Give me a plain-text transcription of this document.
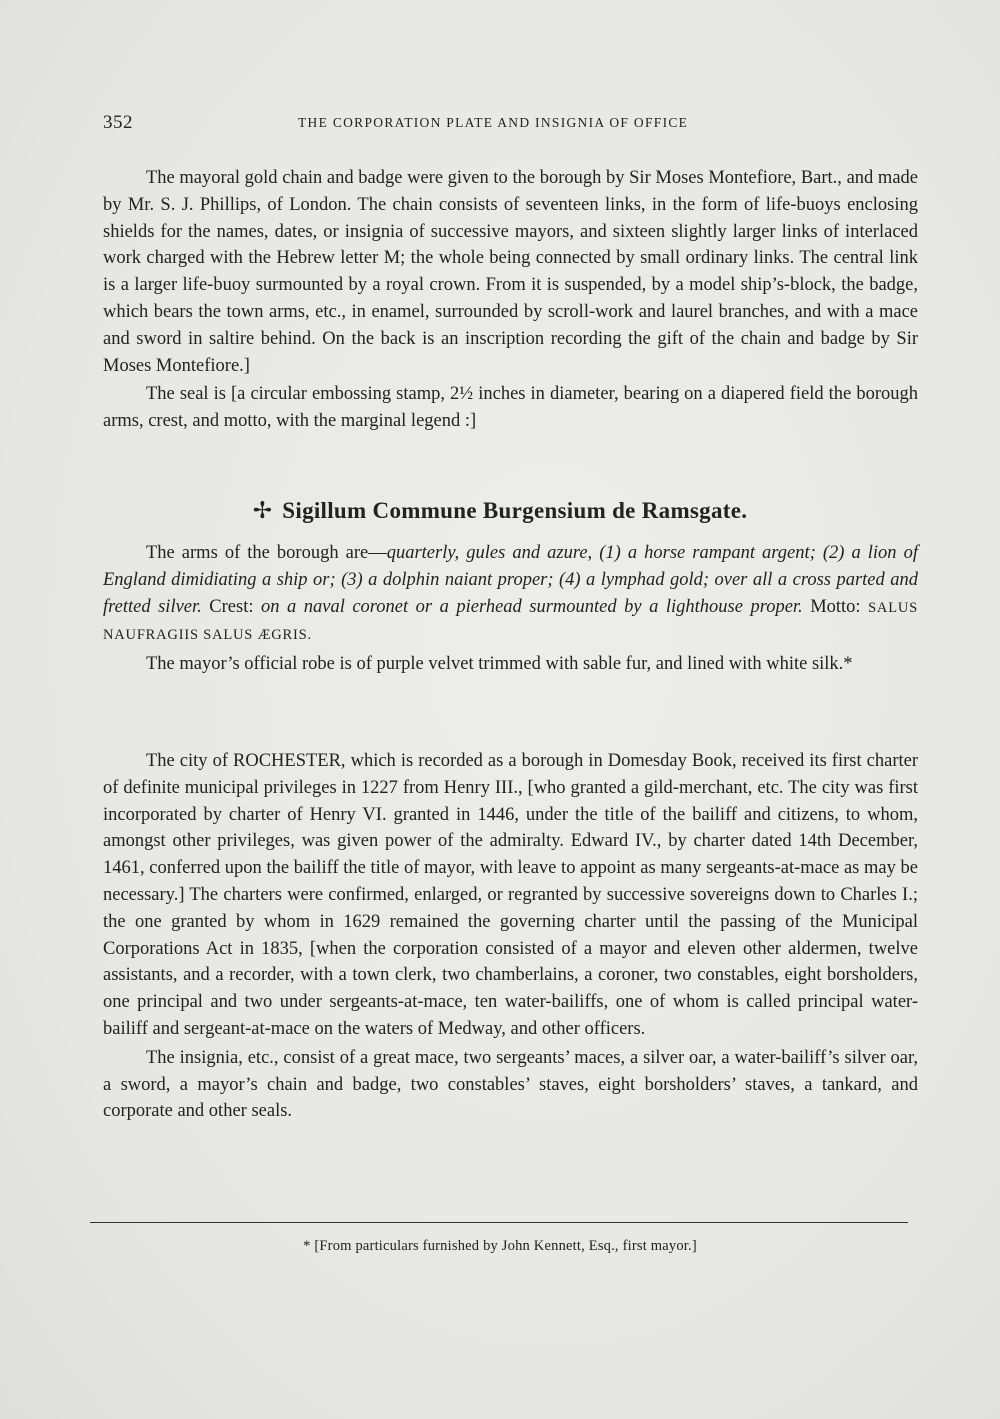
352	THE CORPORATION PLATE AND INSIGNIA OF OFFICE

The mayoral gold chain and badge were given to the borough by Sir Moses Montefiore, Bart., and made by Mr. S. J. Phillips, of London. The chain consists of seventeen links, in the form of life-buoys enclosing shields for the names, dates, or insignia of successive mayors, and sixteen slightly larger links of interlaced work charged with the Hebrew letter M; the whole being connected by small ordinary links. The central link is a larger life-buoy surmounted by a royal crown. From it is suspended, by a model ship’s-block, the badge, which bears the town arms, etc., in enamel, surrounded by scroll-work and laurel branches, and with a mace and sword in saltire behind. On the back is an inscription recording the gift of the chain and badge by Sir Moses Montefiore.]

The seal is [a circular embossing stamp, 2½ inches in diameter, bearing on a diapered field the borough arms, crest, and motto, with the marginal legend :]

✢ Sigillum Commune Burgensium de Ramsgate.

The arms of the borough are—quarterly, gules and azure, (1) a horse rampant argent; (2) a lion of England dimidiating a ship or; (3) a dolphin naiant proper; (4) a lymphad gold; over all a cross parted and fretted silver. Crest: on a naval coronet or a pierhead surmounted by a lighthouse proper. Motto: SALUS NAUFRAGIIS SALUS ÆGRIS.

The mayor’s official robe is of purple velvet trimmed with sable fur, and lined with white silk.*

The city of ROCHESTER, which is recorded as a borough in Domesday Book, received its first charter of definite municipal privileges in 1227 from Henry III., [who granted a gild-merchant, etc. The city was first incorporated by charter of Henry VI. granted in 1446, under the title of the bailiff and citizens, to whom, amongst other privileges, was given power of the admiralty. Edward IV., by charter dated 14th December, 1461, conferred upon the bailiff the title of mayor, with leave to appoint as many sergeants-at-mace as may be necessary.] The charters were confirmed, enlarged, or regranted by successive sovereigns down to Charles I.; the one granted by whom in 1629 remained the governing charter until the passing of the Municipal Corporations Act in 1835, [when the corporation consisted of a mayor and eleven other aldermen, twelve assistants, and a recorder, with a town clerk, two chamberlains, a coroner, two constables, eight borsholders, one principal and two under sergeants-at-mace, ten water-bailiffs, one of whom is called principal water-bailiff and sergeant-at-mace on the waters of Medway, and other officers.

The insignia, etc., consist of a great mace, two sergeants’ maces, a silver oar, a water-bailiff’s silver oar, a sword, a mayor’s chain and badge, two constables’ staves, eight borsholders’ staves, a tankard, and corporate and other seals.

* [From particulars furnished by John Kennett, Esq., first mayor.]
